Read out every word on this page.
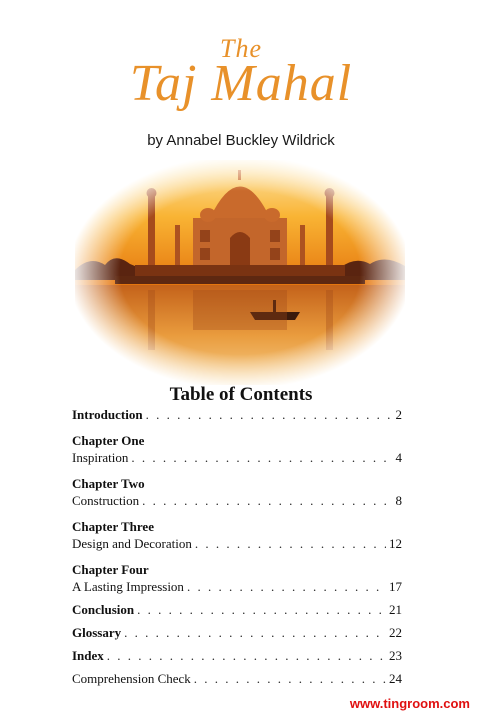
The
Taj Mahal
by Annabel Buckley Wildrick
Table of Contents
Introduction . . .	2
Chapter One
Inspiration . . .	4
Chapter Two
Construction . . .	8
Chapter Three
Design and Decoration . . .	12
Chapter Four
A Lasting Impression . . .	17
Conclusion . . .	21
Glossary . . .	22
Index . . .	23
Comprehension Check . . .	24
www.tingroom.com
